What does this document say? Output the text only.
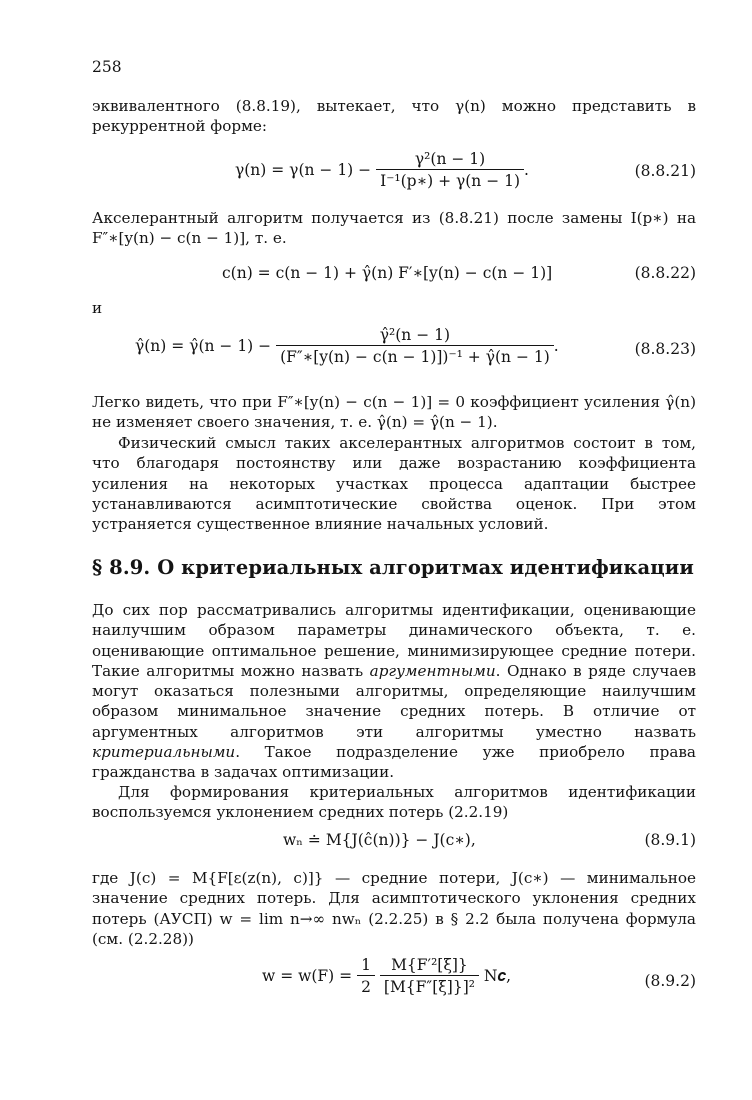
258

эквивалентного (8.8.19), вытекает, что γ(n) можно представить в рекуррентной форме:

$\gamma(n) = \gamma(n - 1) - \frac{\text{γ²(n − 1)}}{\text{I⁻¹(p∗) + γ(n − 1)}}$ .	(8.8.21)

Акселерантный алгоритм получается из (8.8.21) после замены I(p∗) на F″∗[y(n) − c(n − 1)], т. е.

c(n) = c(n − 1) + γ̂(n) F′∗[y(n) − c(n − 1)]	(8.8.22)
и
γ̂(n) = γ̂(n − $1) - \frac{\text{γ̂²(n − 1)}}{\text{(F″∗[y(n) − c(n − 1)])⁻¹ + γ̂(n − 1)}}$ .	(8.8.23)

Легко видеть, что при F″∗[y(n) − c(n − 1)] = 0 коэффициент усиления γ̂(n) не изменяет своего значения, т. е. γ̂(n) = γ̂(n − 1).

Физический смысл таких акселерантных алгоритмов состоит в том, что благодаря постоянству или даже возрастанию коэффициента усиления на некоторых участках процесса адаптации быстрее устанавливаются асимптотические свойства оценок. При этом устраняется существенное влияние начальных условий.

§ 8.9. О критериальных алгоритмах идентификации

До сих пор рассматривались алгоритмы идентификации, оценивающие наилучшим образом параметры динамического объекта, т. е. оценивающие оптимальное решение, минимизирующее средние потери. Такие алгоритмы можно назвать аргументными. Однако в ряде случаев могут оказаться полезными алгоритмы, определяющие наилучшим образом минимальное значение средних потерь. В отличие от аргументных алгоритмов эти алгоритмы уместно назвать критериальными. Такое подразделение уже приобрело права гражданства в задачах оптимизации.

Для формирования критериальных алгоритмов идентификации воспользуемся уклонением средних потерь (2.2.19)

wₙ ≐ M{J(ĉ(n))} − J(c∗),	(8.9.1)

где J(c) = M{F[ε(z(n), c)]} — средние потери, J(c∗) — минимальное значение средних потерь. Для асимптотического уклонения средних потерь (АУСП) w = lim n→∞ nwₙ (2.2.25) в § 2.2 была получена формула (см. (2.2.28))

$w = w(F) = \frac{1}{2}$
$\frac{\text{M\{F′²[ξ]\}}}{\text{[M\{F″[ξ]\}]²}}$ N𝒄,	(8.9.2)
